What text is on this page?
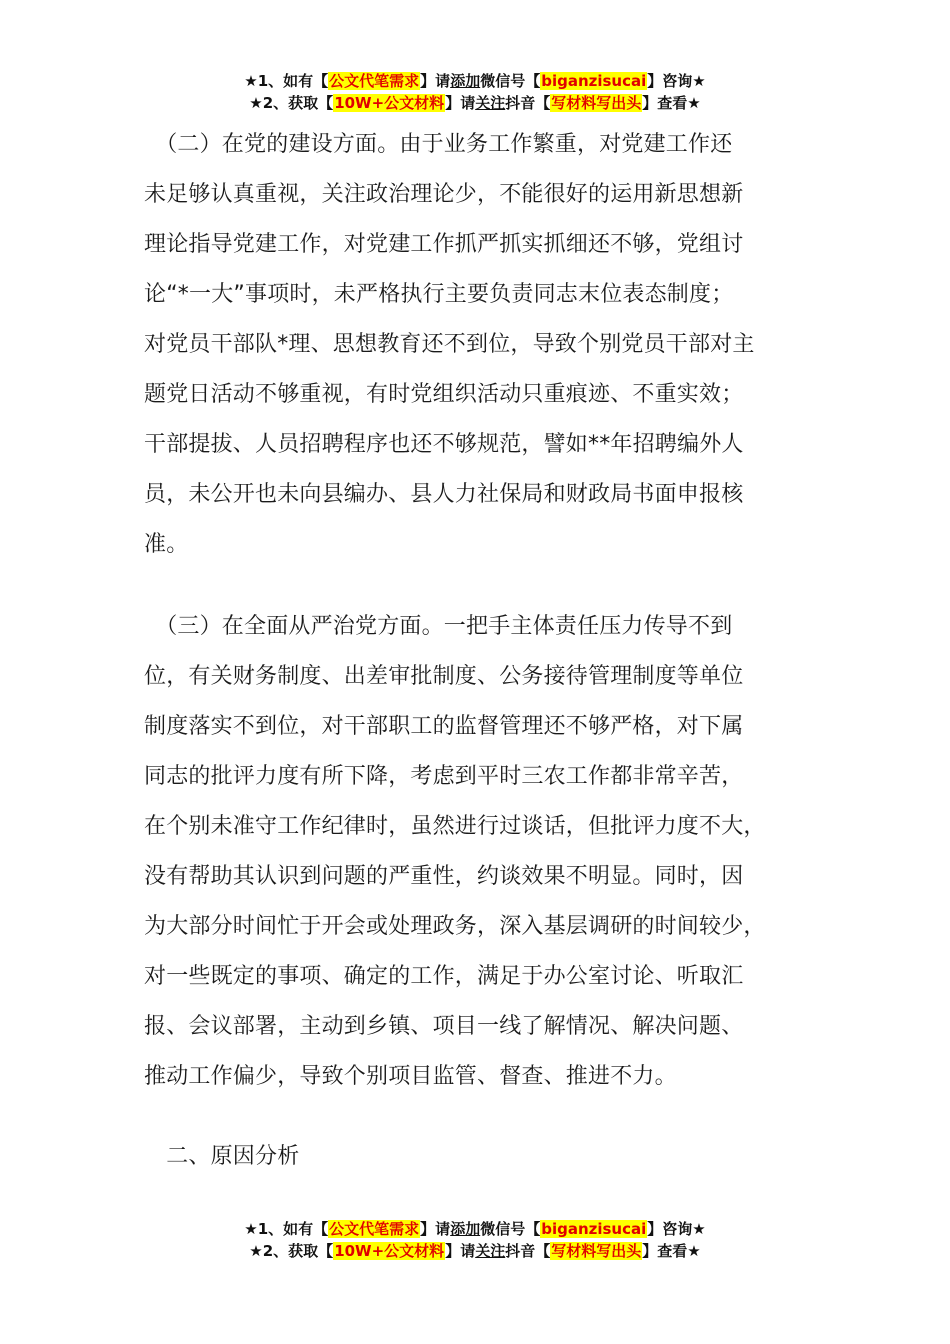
★1、如有【公文代笔需求】请添加微信号【biganzisucai】咨询★
★2、获取【10W+公文材料】请关注抖音【写材料写出头】查看★
　（二）在党的建设方面。由于业务工作繁重，对党建工作还
未足够认真重视，关注政治理论少，不能很好的运用新思想新
理论指导党建工作，对党建工作抓严抓实抓细还不够，党组讨
论“*一大”事项时，未严格执行主要负责同志末位表态制度；
对党员干部队*理、思想教育还不到位，导致个别党员干部对主
题党日活动不够重视，有时党组织活动只重痕迹、不重实效；
干部提拔、人员招聘程序也还不够规范，譬如**年招聘编外人
员，未公开也未向县编办、县人力社保局和财政局书面申报核
准。
　（三）在全面从严治党方面。一把手主体责任压力传导不到
位，有关财务制度、出差审批制度、公务接待管理制度等单位
制度落实不到位，对干部职工的监督管理还不够严格，对下属
同志的批评力度有所下降，考虑到平时三农工作都非常辛苦，
在个别未准守工作纪律时，虽然进行过谈话，但批评力度不大，
没有帮助其认识到问题的严重性，约谈效果不明显。同时，因
为大部分时间忙于开会或处理政务，深入基层调研的时间较少，
对一些既定的事项、确定的工作，满足于办公室讨论、听取汇
报、会议部署，主动到乡镇、项目一线了解情况、解决问题、
推动工作偏少，导致个别项目监管、督查、推进不力。
　二、原因分析
★1、如有【公文代笔需求】请添加微信号【biganzisucai】咨询★
★2、获取【10W+公文材料】请关注抖音【写材料写出头】查看★
